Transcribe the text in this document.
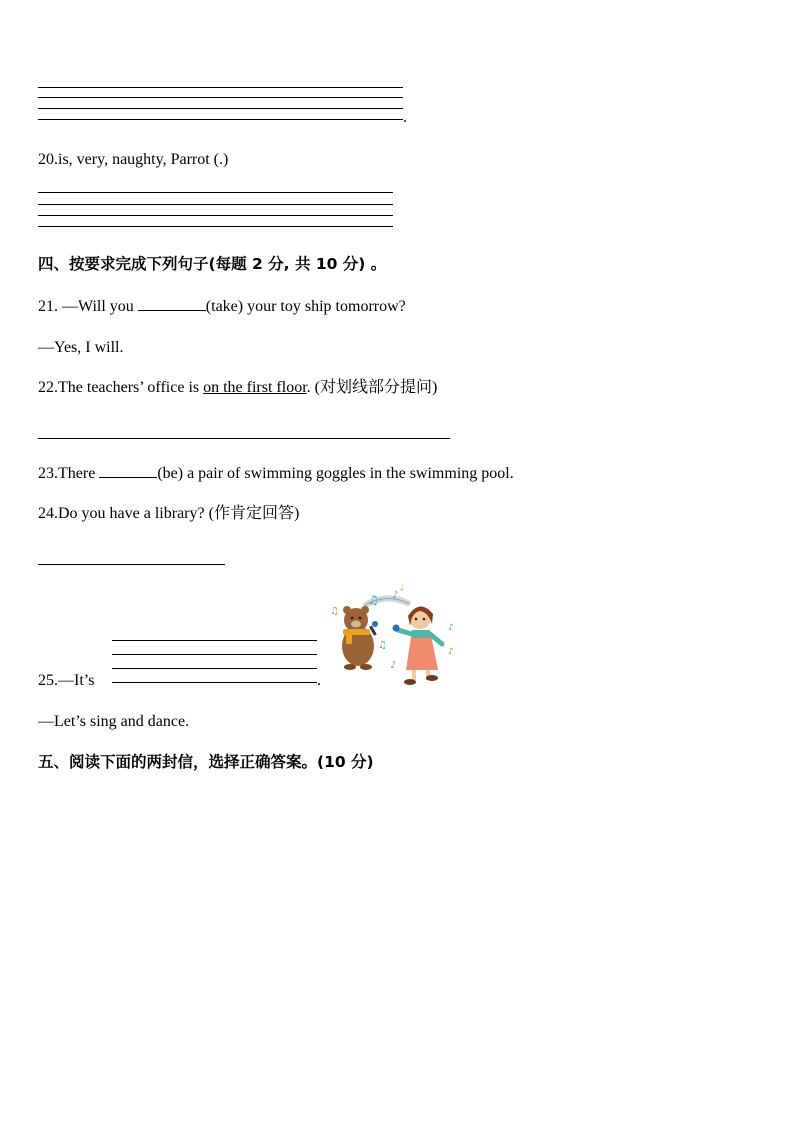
.
20.is, very, naughty, Parrot (.)
四、按要求完成下列句子(每题 2 分, 共 10 分) 。
21. —Will you	(take) your toy ship tomorrow?
—Yes, I will.
22.The teachers’ office is on the first floor. (对划线部分提问)
23.There	(be) a pair of swimming goggles in the swimming pool.
24.Do you have a library? (作肯定回答)
25.—It’s	.
♫ ♪
♫
♫
♪
♪
♪
♩
—Let’s sing and dance.
五、阅读下面的两封信，选择正确答案。(10 分)
